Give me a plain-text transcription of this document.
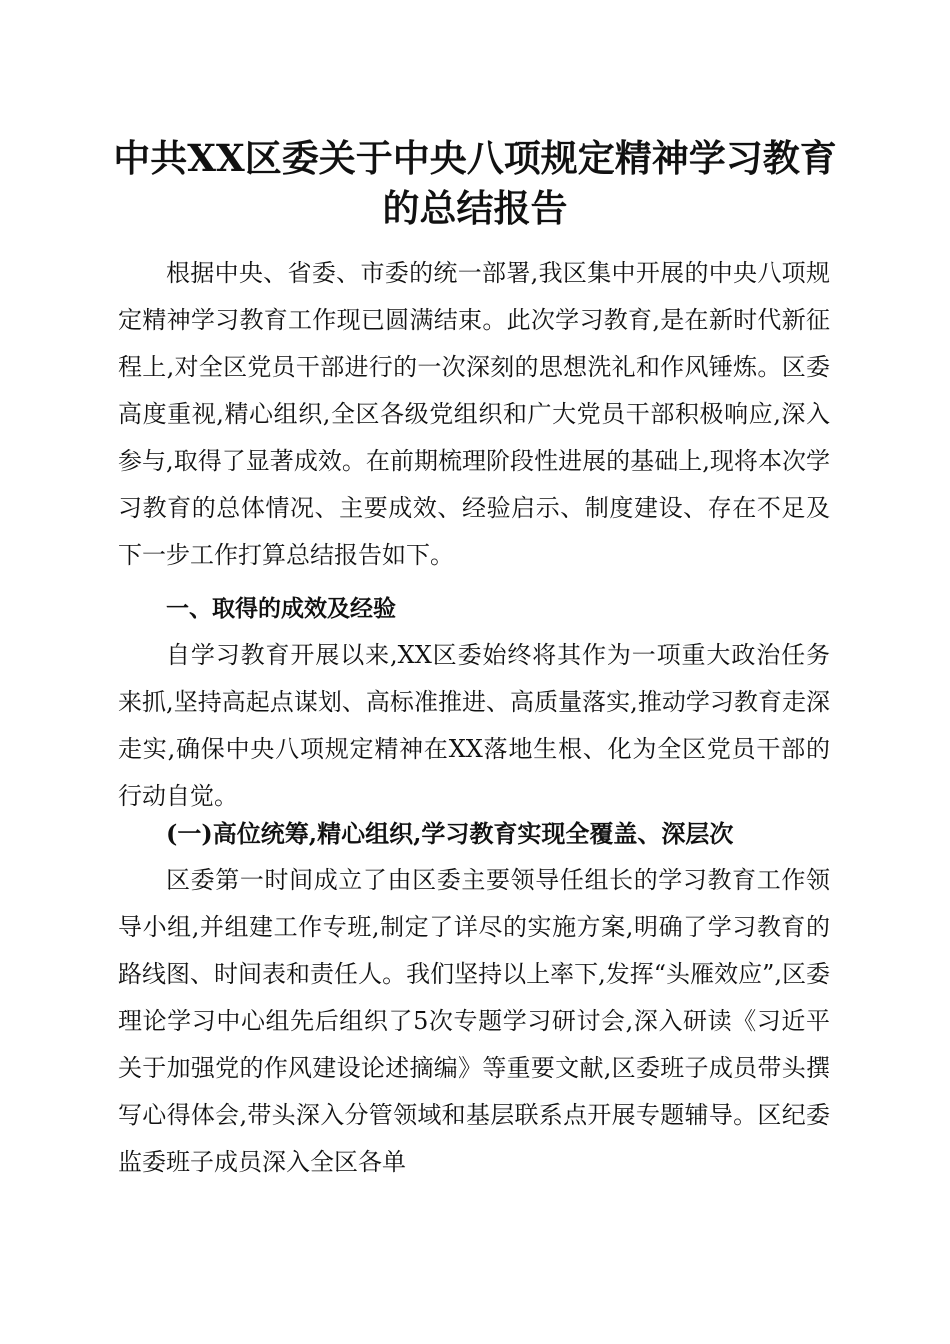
中共XX区委关于中央八项规定精神学习教育
的总结报告

根据中央、省委、市委的统一部署,我区集中开展的中央八项规定精神学习教育工作现已圆满结束。此次学习教育,是在新时代新征程上,对全区党员干部进行的一次深刻的思想洗礼和作风锤炼。区委高度重视,精心组织,全区各级党组织和广大党员干部积极响应,深入参与,取得了显著成效。在前期梳理阶段性进展的基础上,现将本次学习教育的总体情况、主要成效、经验启示、制度建设、存在不足及下一步工作打算总结报告如下。

一、取得的成效及经验

自学习教育开展以来,XX区委始终将其作为一项重大政治任务来抓,坚持高起点谋划、高标准推进、高质量落实,推动学习教育走深走实,确保中央八项规定精神在XX落地生根、化为全区党员干部的行动自觉。

(一)高位统筹,精心组织,学习教育实现全覆盖、深层次

区委第一时间成立了由区委主要领导任组长的学习教育工作领导小组,并组建工作专班,制定了详尽的实施方案,明确了学习教育的路线图、时间表和责任人。我们坚持以上率下,发挥“头雁效应”,区委理论学习中心组先后组织了5次专题学习研讨会,深入研读《习近平关于加强党的作风建设论述摘编》等重要文献,区委班子成员带头撰写心得体会,带头深入分管领域和基层联系点开展专题辅导。区纪委监委班子成员深入全区各单
